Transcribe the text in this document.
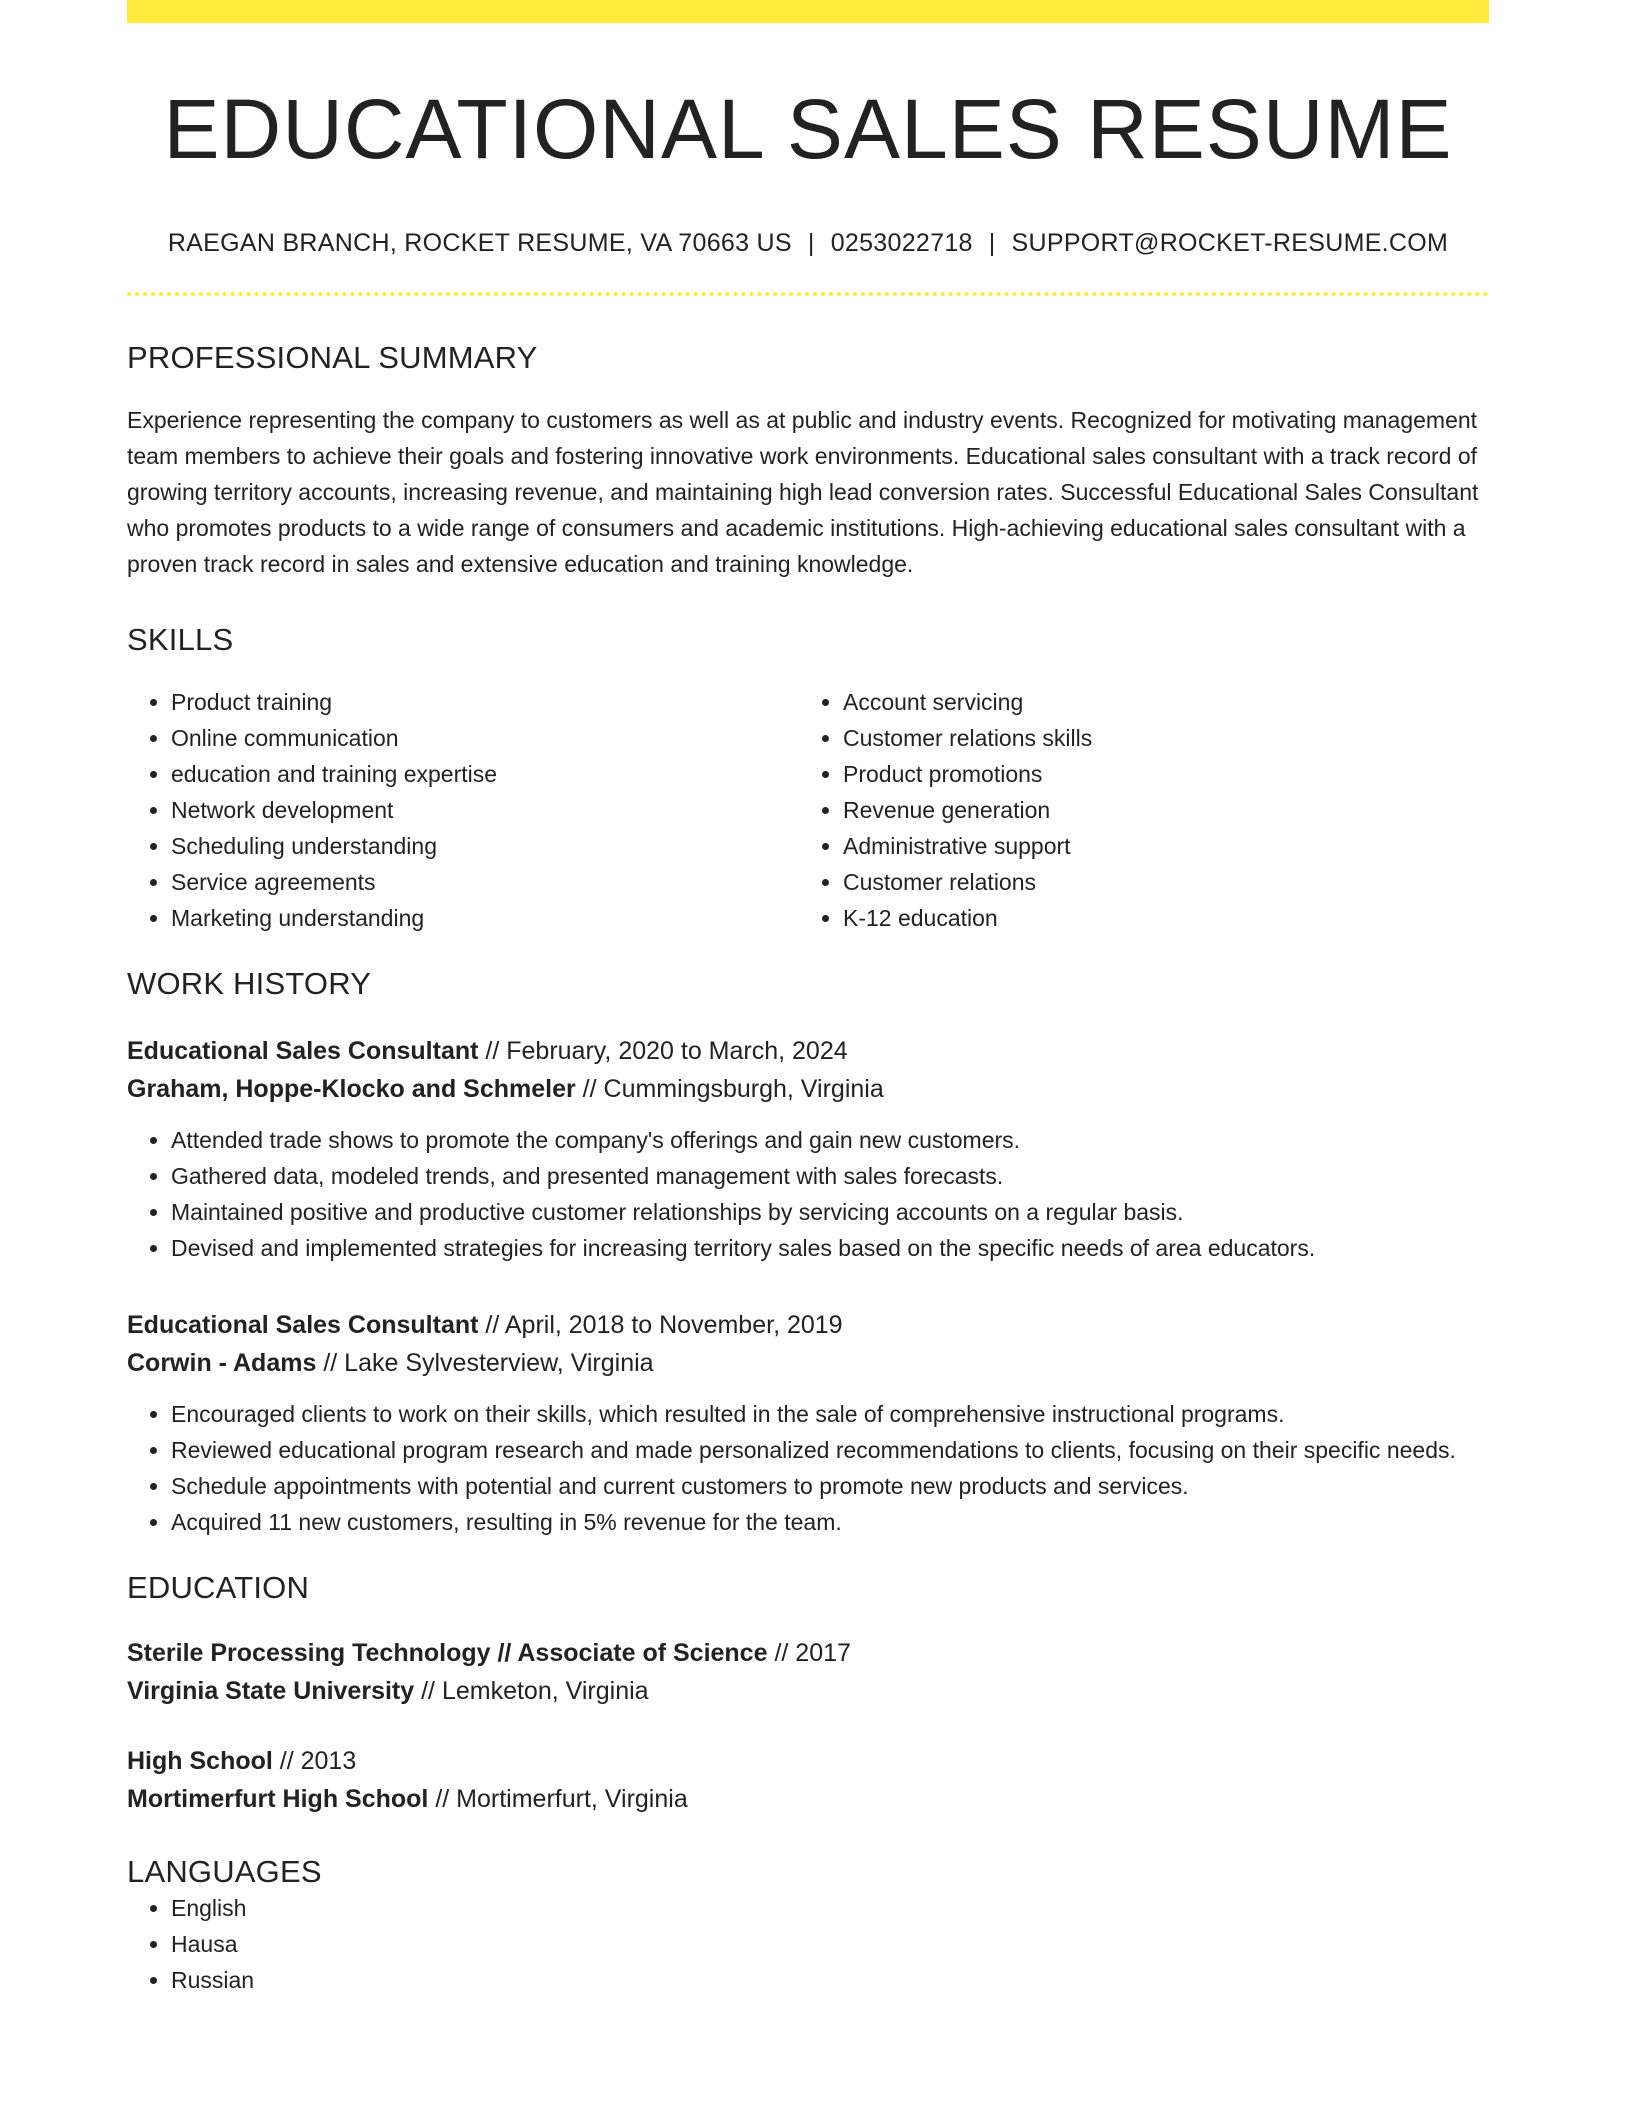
EDUCATIONAL SALES RESUME
RAEGAN BRANCH, ROCKET RESUME, VA 70663 US | 0253022718 | SUPPORT@ROCKET-RESUME.COM
PROFESSIONAL SUMMARY

Experience representing the company to customers as well as at public and industry events. Recognized for motivating management team members to achieve their goals and fostering innovative work environments. Educational sales consultant with a track record of growing territory accounts, increasing revenue, and maintaining high lead conversion rates. Successful Educational Sales Consultant who promotes products to a wide range of consumers and academic institutions. High-achieving educational sales consultant with a proven track record in sales and extensive education and training knowledge.

SKILLS
• Product training
• Online communication
• education and training expertise
• Network development
• Scheduling understanding
• Service agreements
• Marketing understanding
• Account servicing
• Customer relations skills
• Product promotions
• Revenue generation
• Administrative support
• Customer relations
• K-12 education
WORK HISTORY
Educational Sales Consultant // February, 2020 to March, 2024
Graham, Hoppe-Klocko and Schmeler // Cummingsburgh, Virginia
• Attended trade shows to promote the company's offerings and gain new customers.
• Gathered data, modeled trends, and presented management with sales forecasts.
• Maintained positive and productive customer relationships by servicing accounts on a regular basis.
• Devised and implemented strategies for increasing territory sales based on the specific needs of area educators.
Educational Sales Consultant // April, 2018 to November, 2019
Corwin - Adams // Lake Sylvesterview, Virginia
• Encouraged clients to work on their skills, which resulted in the sale of comprehensive instructional programs.
• Reviewed educational program research and made personalized recommendations to clients, focusing on their specific needs.
• Schedule appointments with potential and current customers to promote new products and services.
• Acquired 11 new customers, resulting in 5% revenue for the team.
EDUCATION
Sterile Processing Technology // Associate of Science // 2017
Virginia State University // Lemketon, Virginia
High School // 2013
Mortimerfurt High School // Mortimerfurt, Virginia
LANGUAGES
• English
• Hausa
• Russian
